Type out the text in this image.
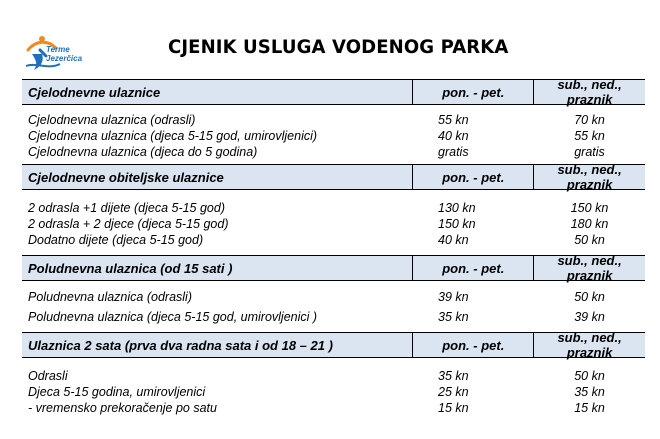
Terme
Jezerčica
CJENIK USLUGA VODENOG PARKA
Cjelodnevne ulaznice	pon. - pet.	sub., ned., praznik
Cjelodnevna ulaznica (odrasli)	55 kn	70 kn
Cjelodnevna ulaznica (djeca 5-15 god, umirovljenici)	40 kn	55 kn
Cjelodnevna ulaznica (djeca do 5 godina)	gratis	gratis
Cjelodnevne obiteljske ulaznice	pon. - pet.	sub., ned., praznik
2 odrasla +1 dijete (djeca 5-15 god)	130 kn	150 kn
2 odrasla + 2 djece (djeca 5-15 god)	150 kn	180 kn
Dodatno dijete (djeca 5-15 god)	40 kn	50 kn
Poludnevna ulaznica (od 15 sati )	pon. - pet.	sub., ned., praznik
Poludnevna ulaznica (odrasli)	39 kn	50 kn
Poludnevna ulaznica (djeca 5-15 god, umirovljenici )	35 kn	39 kn
Ulaznica 2 sata (prva dva radna sata i od 18 – 21 )	pon. - pet.	sub., ned., praznik
Odrasli	35 kn	50 kn
Djeca 5-15 godina, umirovljenici	25 kn	35 kn
- vremensko prekoračenje po satu	15 kn	15 kn
